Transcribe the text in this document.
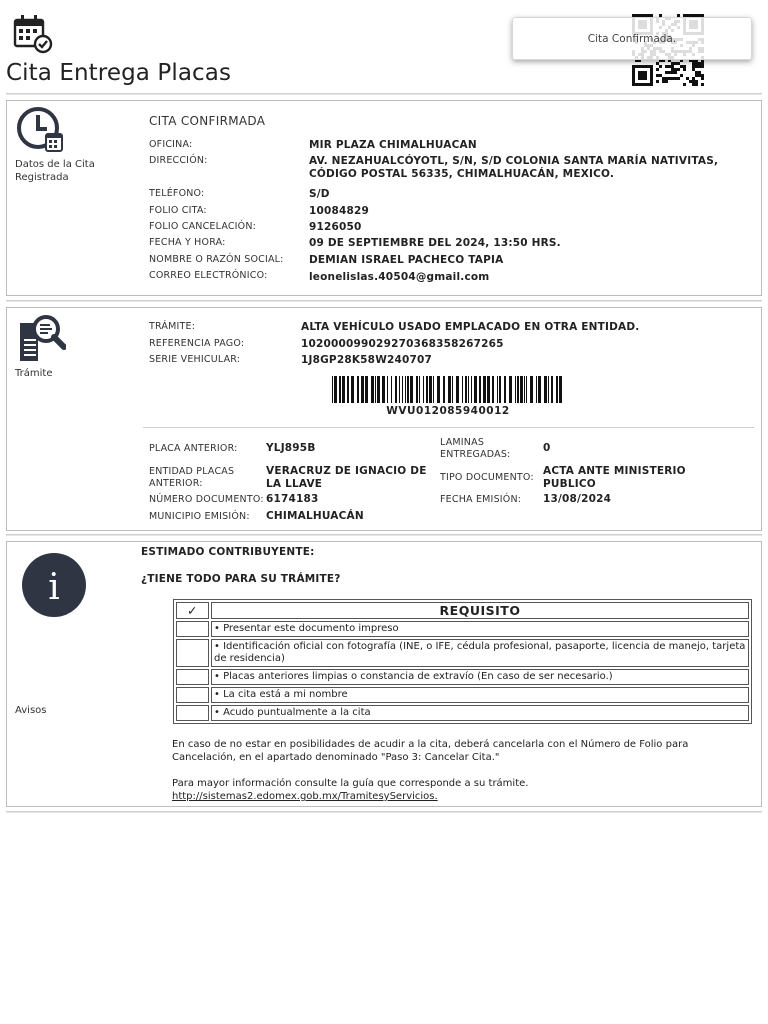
Cita Entrega Placas
Cita Confirmada.
Datos de la Cita Registrada
CITA CONFIRMADA
OFICINA:	MIR PLAZA CHIMALHUACAN
DIRECCIÓN:	AV. NEZAHUALCÓYOTL, S/N, S/D COLONIA SANTA MARÍA NATIVITAS, CÓDIGO POSTAL 56335, CHIMALHUACÁN, MEXICO.
TELÉFONO:	S/D
FOLIO CITA:	10084829
FOLIO CANCELACIÓN:	9126050
FECHA Y HORA:	09 DE SEPTIEMBRE DEL 2024, 13:50 HRS.
NOMBRE O RAZÓN SOCIAL: DEMIAN ISRAEL PACHECO TAPIA
CORREO ELECTRÓNICO:	leonelislas.40504@gmail.com
Trámite
TRÁMITE:	ALTA VEHÍCULO USADO EMPLACADO EN OTRA ENTIDAD.
REFERENCIA PAGO:	102000099029270368358267265
SERIE VEHICULAR:	1J8GP28K58W240707
WVU012085940012
PLACA ANTERIOR:	YLJ895B	LAMINAS ENTREGADAS:
0
ENTIDAD PLACAS ANTERIOR:
VERACRUZ DE IGNACIO DE LA LLAVE
TIPO DOCUMENTO:
ACTA ANTE MINISTERIO PUBLICO
NÚMERO DOCUMENTO: 6174183	FECHA EMISIÓN: 13/08/2024
MUNICIPIO EMISIÓN: CHIMALHUACÁN
i
Avisos
ESTIMADO CONTRIBUYENTE:
¿TIENE TODO PARA SU TRÁMITE?
✓	REQUISITO
	• Presentar este documento impreso
	• Identificación oficial con fotografía (INE, o IFE, cédula profesional, pasaporte, licencia de manejo, tarjeta de residencia)
	• Placas anteriores limpias o constancia de extravío (En caso de ser necesario.)
	• La cita está a mi nombre
	• Acudo puntualmente a la cita
En caso de no estar en posibilidades de acudir a la cita, deberá cancelarla con el Número de Folio para Cancelación, en el apartado denominado "Paso 3: Cancelar Cita."
Para mayor información consulte la guía que corresponde a su trámite.
http://sistemas2.edomex.gob.mx/TramitesyServicios.
